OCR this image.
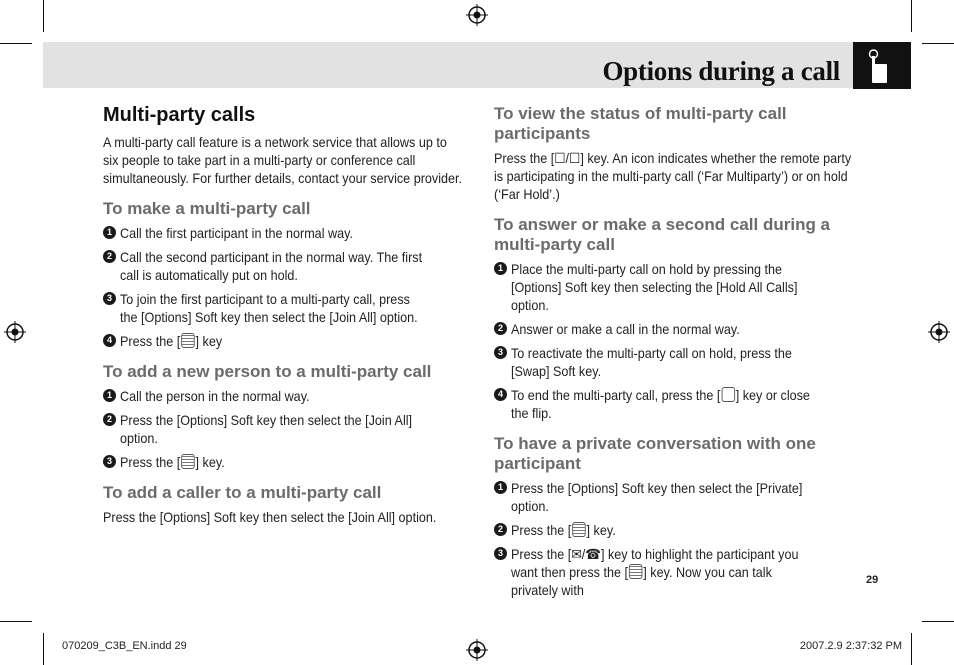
Options during a call
Multi-party calls

A multi-party call feature is a network service that allows up to six people to take part in a multi-party or conference call simultaneously. For further details, contact your service provider.

To make a multi-party call
1 Call the first participant in the normal way.
2 Call the second participant in the normal way. The first call is automatically put on hold.
3 To join the first participant to a multi-party call, press the [Options] Soft key then select the [Join All] option.
4 Press the [ ] key
To add a new person to a multi-party call
1 Call the person in the normal way.
2 Press the [Options] Soft key then select the [Join All] option.
3 Press the [ ] key.
To add a caller to a multi-party call

Press the [Options] Soft key then select the [Join All] option.

To view the status of multi-party call participants

Press the [☐/☐] key. An icon indicates whether the remote party is participating in the multi-party call (‘Far Multiparty’) or on hold (‘Far Hold’.)

To answer or make a second call during a multi-party call
1 Place the multi-party call on hold by pressing the [Options] Soft key then selecting the [Hold All Calls] option.
2 Answer or make a call in the normal way.
3 To reactivate the multi-party call on hold, press the [Swap] Soft key.
4 To end the multi-party call, press the [ ] key or close the flip.
To have a private conversation with one participant
1 Press the [Options] Soft key then select the [Private] option.
2 Press the [ ] key.
3 Press the [✉/☎] key to highlight the participant you want then press the [ ] key. Now you can talk privately with
29
070209_C3B_EN.indd 29	2007.2.9 2:37:32 PM
